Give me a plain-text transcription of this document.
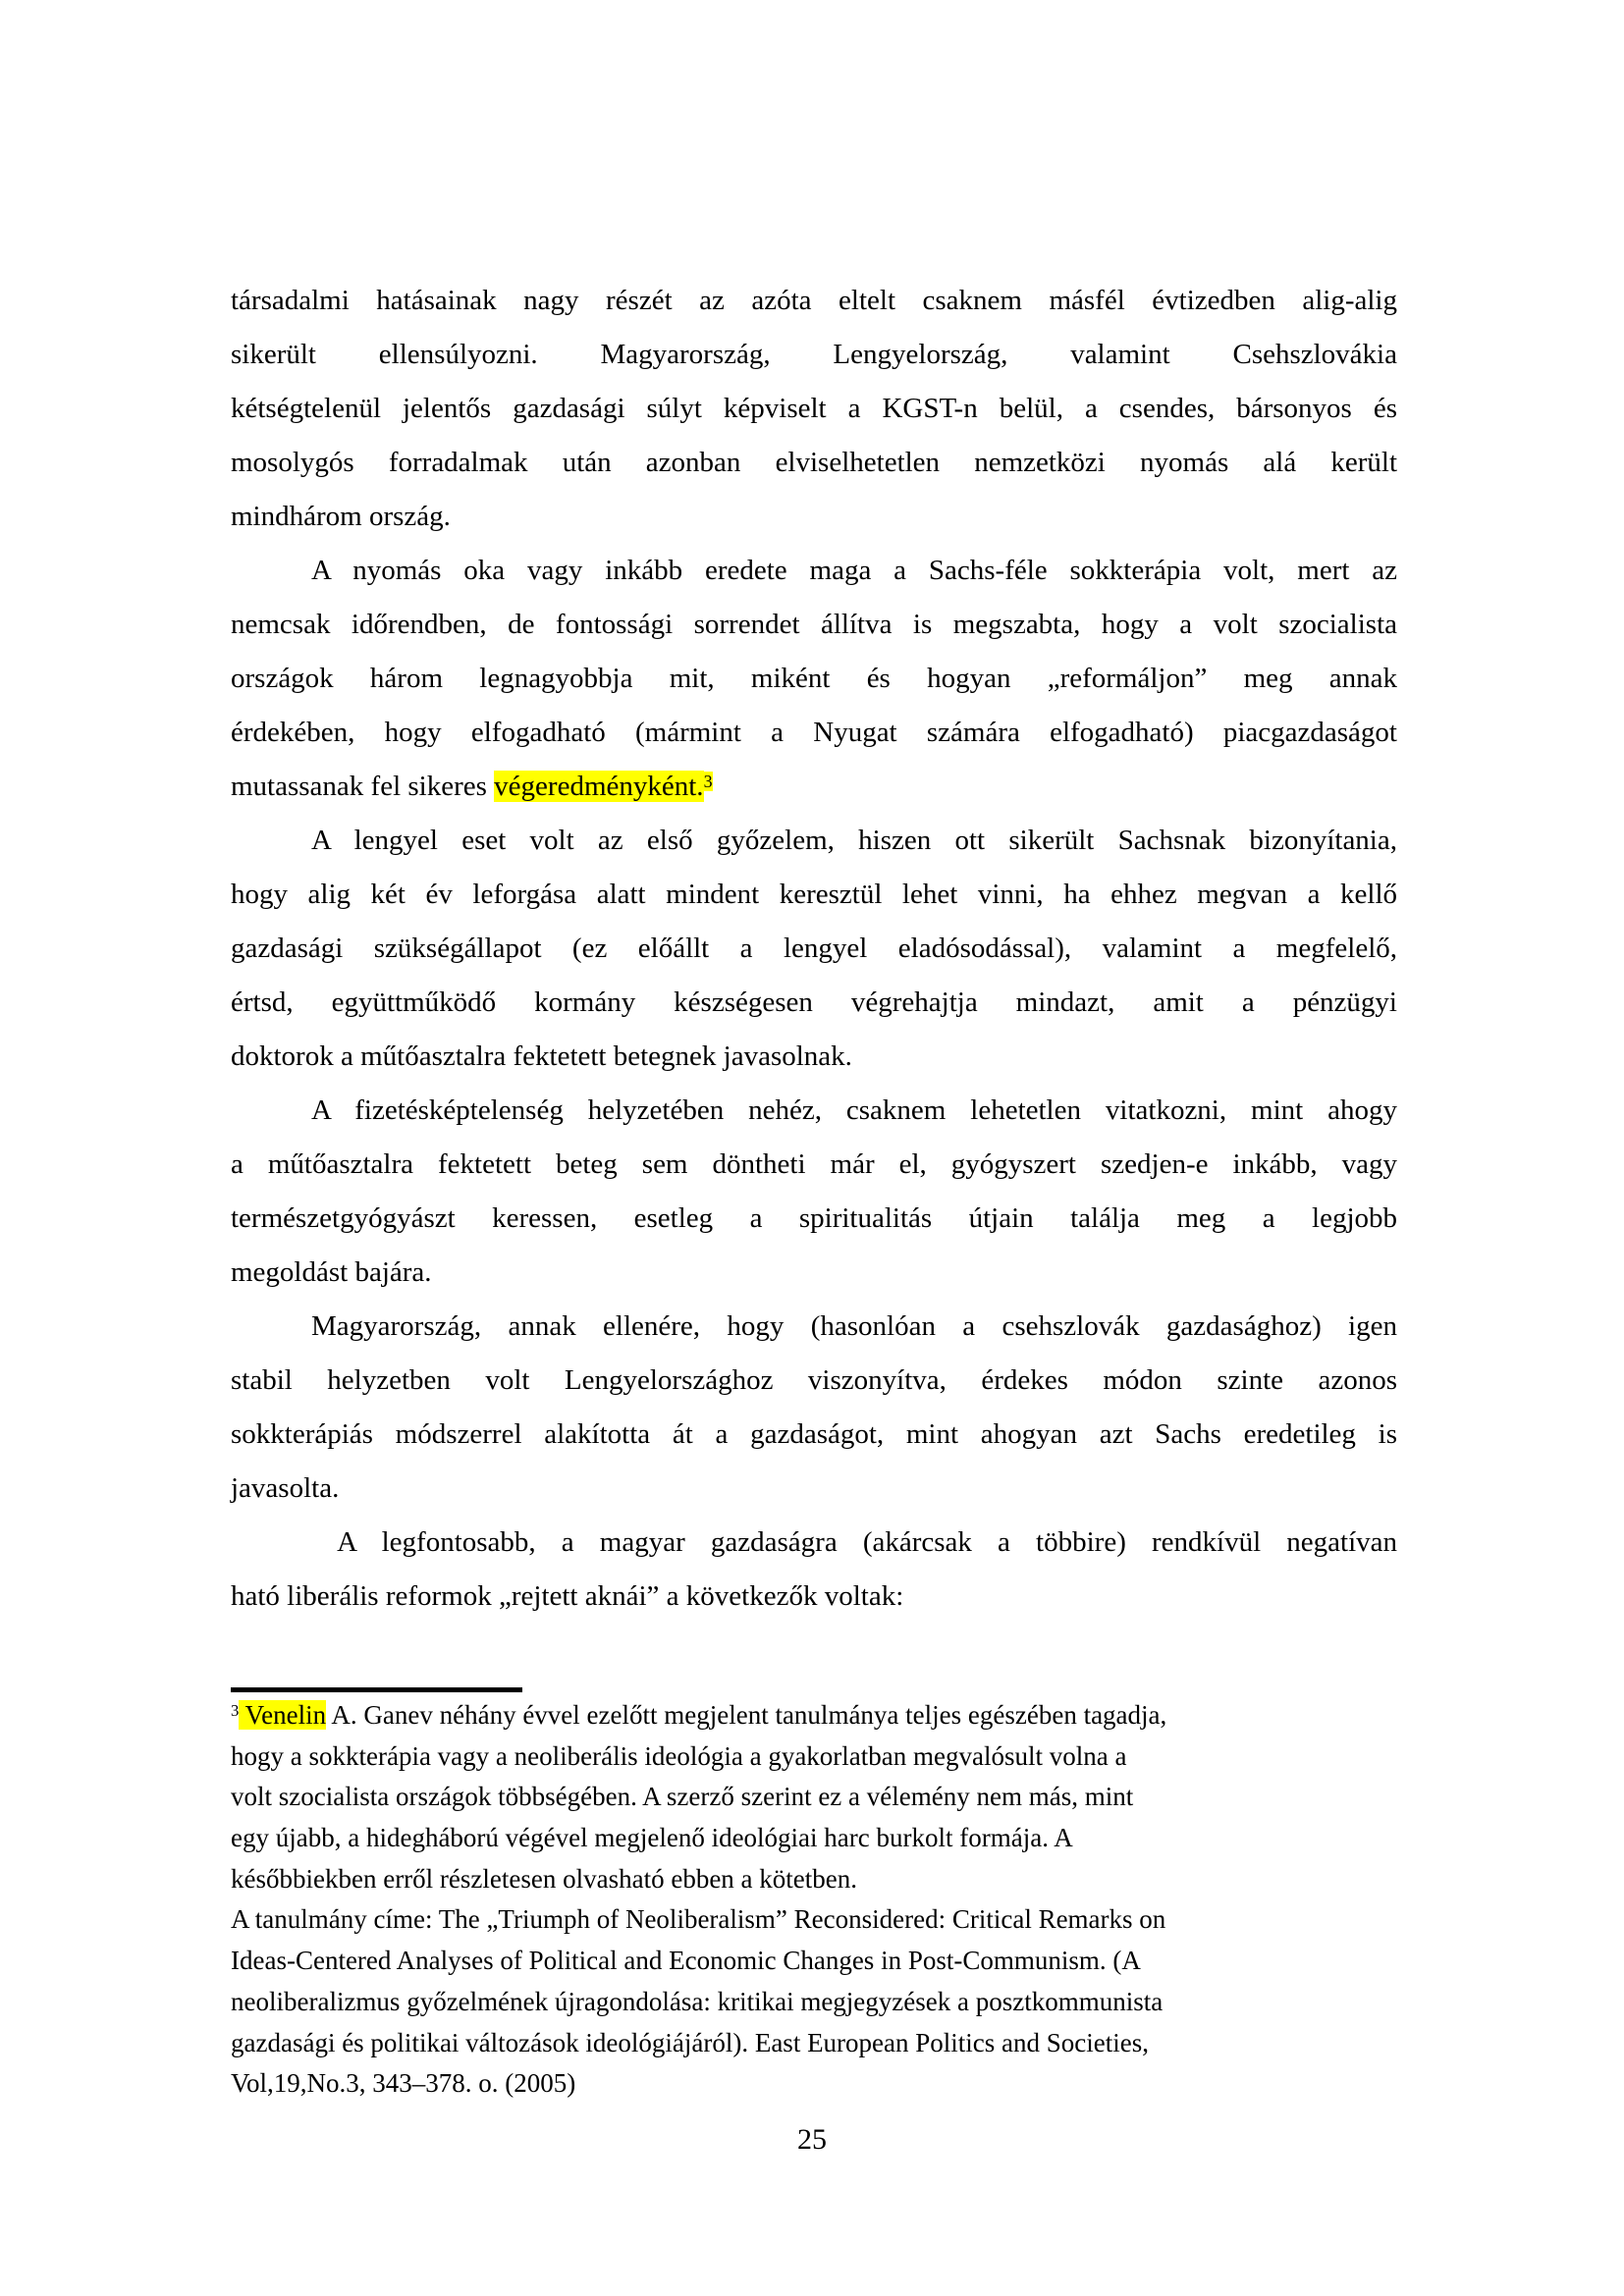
társadalmi hatásainak nagy részét az azóta eltelt csaknem másfél évtizedben alig-alig
sikerült ellensúlyozni. Magyarország, Lengyelország, valamint Csehszlovákia
kétségtelenül jelentős gazdasági súlyt képviselt a KGST-n belül, a csendes, bársonyos és
mosolygós forradalmak után azonban elviselhetetlen nemzetközi nyomás alá került
mindhárom ország.
A nyomás oka vagy inkább eredete maga a Sachs-féle sokkterápia volt, mert az
nemcsak időrendben, de fontossági sorrendet állítva is megszabta, hogy a volt szocialista
országok három legnagyobbja mit, miként és hogyan „reformáljon” meg annak
érdekében, hogy elfogadható (mármint a Nyugat számára elfogadható) piacgazdaságot
mutassanak fel sikeres végeredményként.$^3$
A lengyel eset volt az első győzelem, hiszen ott sikerült Sachsnak bizonyítania,
hogy alig két év leforgása alatt mindent keresztül lehet vinni, ha ehhez megvan a kellő
gazdasági szükségállapot (ez előállt a lengyel eladósodással), valamint a megfelelő,
értsd, együttműködő kormány készségesen végrehajtja mindazt, amit a pénzügyi
doktorok a műtőasztalra fektetett betegnek javasolnak.
A fizetésképtelenség helyzetében nehéz, csaknem lehetetlen vitatkozni, mint ahogy
a műtőasztalra fektetett beteg sem döntheti már el, gyógyszert szedjen-e inkább, vagy
természetgyógyászt keressen, esetleg a spiritualitás útjain találja meg a legjobb
megoldást bajára.
Magyarország, annak ellenére, hogy (hasonlóan a csehszlovák gazdasághoz) igen
stabil helyzetben volt Lengyelországhoz viszonyítva, érdekes módon szinte azonos
sokkterápiás módszerrel alakította át a gazdaságot, mint ahogyan azt Sachs eredetileg is
javasolta.
A legfontosabb, a magyar gazdaságra (akárcsak a többire) rendkívül negatívan
ható liberális reformok „rejtett aknái” a következők voltak:
$^3$ Venelin A. Ganev néhány évvel ezelőtt megjelent tanulmánya teljes egészében tagadja,
hogy a sokkterápia vagy a neoliberális ideológia a gyakorlatban megvalósult volna a
volt szocialista országok többségében. A szerző szerint ez a vélemény nem más, mint
egy újabb, a hidegháború végével megjelenő ideológiai harc burkolt formája. A
későbbiekben erről részletesen olvasható ebben a kötetben.
A tanulmány címe: The „Triumph of Neoliberalism” Reconsidered: Critical Remarks on
Ideas-Centered Analyses of Political and Economic Changes in Post-Communism. (A
neoliberalizmus győzelmének újragondolása: kritikai megjegyzések a posztkommunista
gazdasági és politikai változások ideológiájáról). East European Politics and Societies,
Vol,19,No.3, 343–378. o. (2005)
25
